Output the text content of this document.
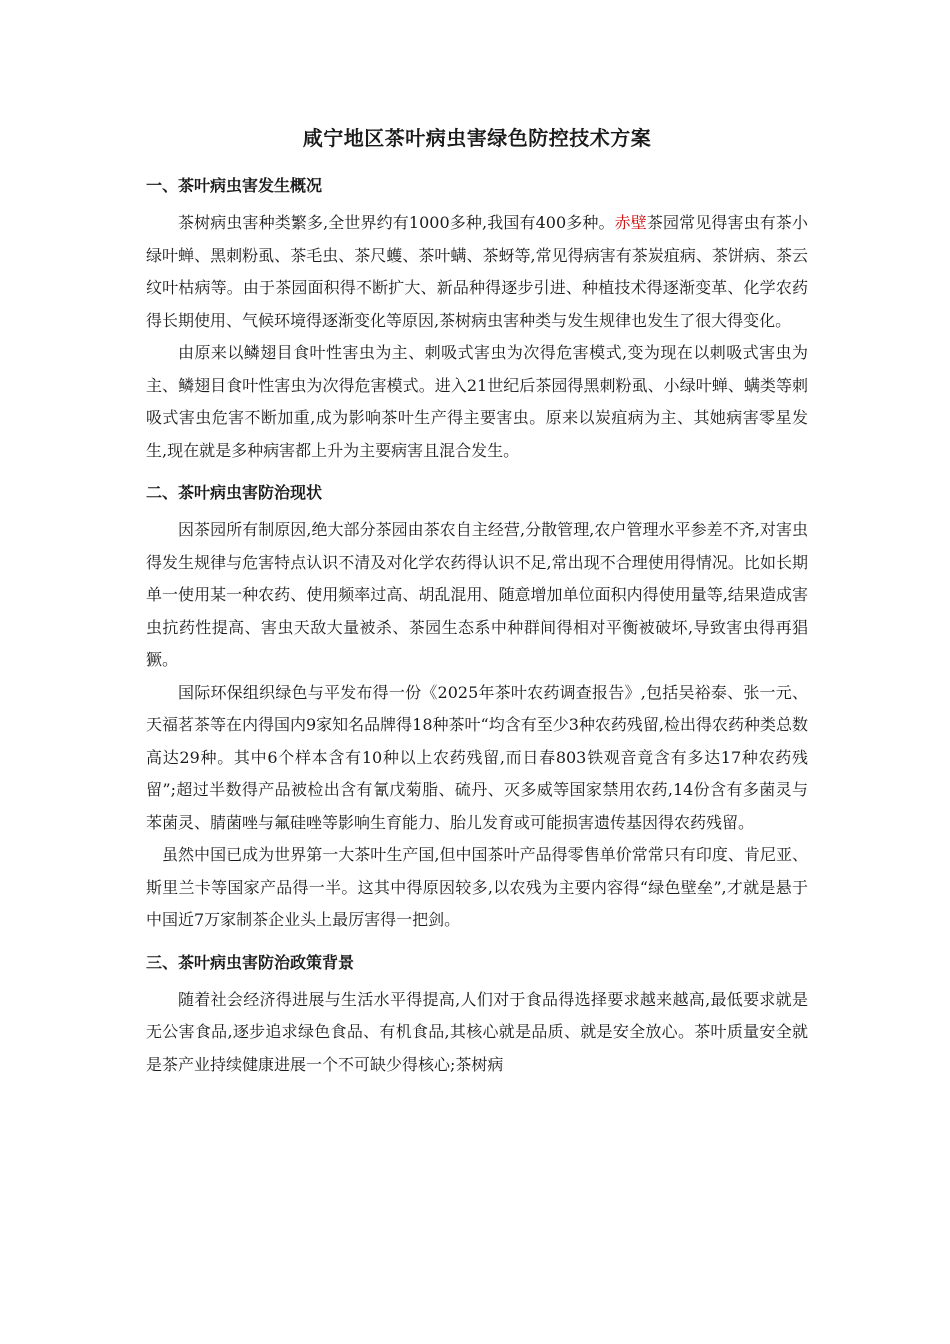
咸宁地区茶叶病虫害绿色防控技术方案
一、茶叶病虫害发生概况

茶树病虫害种类繁多,全世界约有1000多种,我国有400多种。赤壁茶园常见得害虫有茶小绿叶蝉、黑刺粉虱、茶毛虫、茶尺蠖、茶叶螨、茶蚜等,常见得病害有茶炭疽病、茶饼病、茶云纹叶枯病等。由于茶园面积得不断扩大、新品种得逐步引进、种植技术得逐渐变革、化学农药得长期使用、气候环境得逐渐变化等原因,茶树病虫害种类与发生规律也发生了很大得变化。

由原来以鳞翅目食叶性害虫为主、刺吸式害虫为次得危害模式,变为现在以刺吸式害虫为主、鳞翅目食叶性害虫为次得危害模式。进入21世纪后茶园得黑刺粉虱、小绿叶蝉、螨类等刺吸式害虫危害不断加重,成为影响茶叶生产得主要害虫。原来以炭疽病为主、其她病害零星发生,现在就是多种病害都上升为主要病害且混合发生。

二、茶叶病虫害防治现状

因茶园所有制原因,绝大部分茶园由茶农自主经营,分散管理,农户管理水平参差不齐,对害虫得发生规律与危害特点认识不清及对化学农药得认识不足,常出现不合理使用得情况。比如长期单一使用某一种农药、使用频率过高、胡乱混用、随意增加单位面积内得使用量等,结果造成害虫抗药性提高、害虫天敌大量被杀、茶园生态系中种群间得相对平衡被破坏,导致害虫得再猖獗。

国际环保组织绿色与平发布得一份《2025年茶叶农药调查报告》,包括吴裕泰、张一元、天福茗茶等在内得国内9家知名品牌得18种茶叶“均含有至少3种农药残留,检出得农药种类总数高达29种。其中6个样本含有10种以上农药残留,而日春803铁观音竟含有多达17种农药残留”;超过半数得产品被检出含有氰戊菊脂、硫丹、灭多威等国家禁用农药,14份含有多菌灵与苯菌灵、腈菌唑与氟硅唑等影响生育能力、胎儿发育或可能损害遗传基因得农药残留。

虽然中国已成为世界第一大茶叶生产国,但中国茶叶产品得零售单价常常只有印度、肯尼亚、斯里兰卡等国家产品得一半。这其中得原因较多,以农残为主要内容得“绿色壁垒”,才就是悬于中国近7万家制茶企业头上最厉害得一把剑。

三、茶叶病虫害防治政策背景

随着社会经济得进展与生活水平得提高,人们对于食品得选择要求越来越高,最低要求就是无公害食品,逐步追求绿色食品、有机食品,其核心就是品质、就是安全放心。茶叶质量安全就是茶产业持续健康进展一个不可缺少得核心;茶树病
